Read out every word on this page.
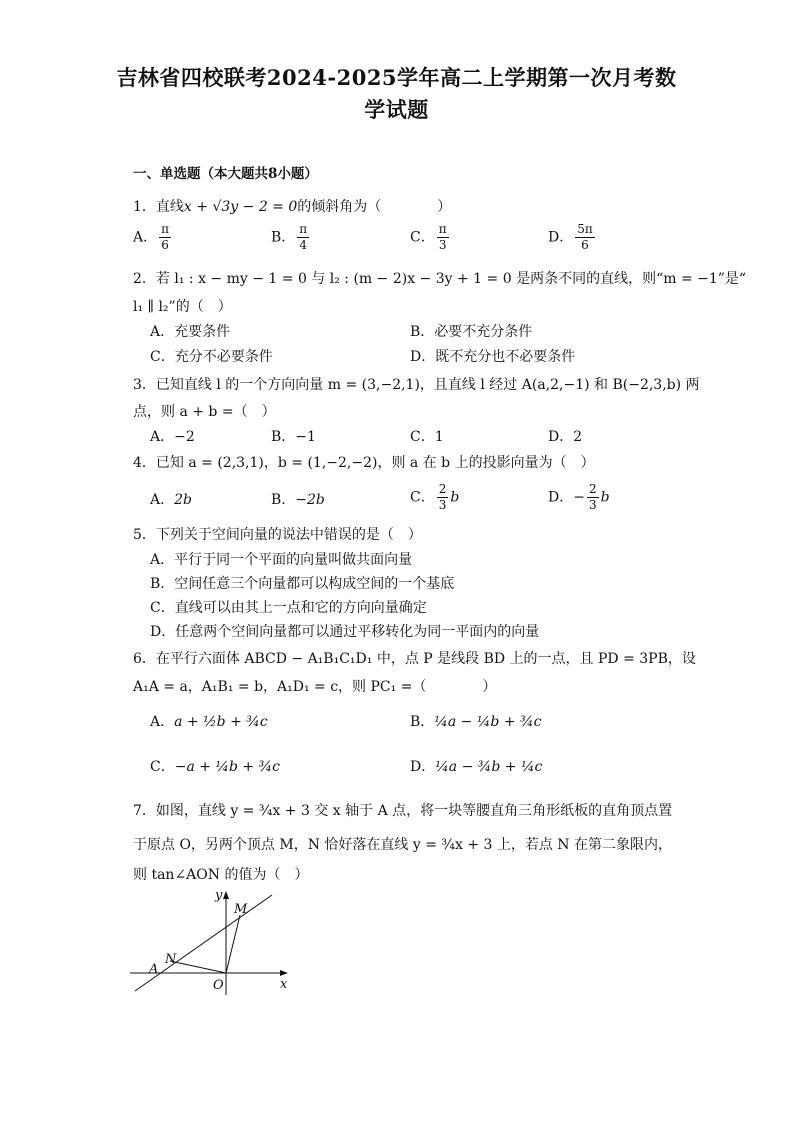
吉林省四校联考2024-2025学年高二上学期第一次月考数
学试题
一、单选题（本大题共8小题）
1．直线x + √3y − 2 = 0的倾斜角为（　　　　）
A． $\frac{\pi}{6}$	B． $\frac{\pi}{4}$	C． $\frac{\pi}{3}$	D． $\frac{5\pi}{6}$
2．若 l₁ : x − my − 1 = 0 与 l₂ : (m − 2)x − 3y + 1 = 0 是两条不同的直线，则“m = −1”是“
l₁ ∥ l₂”的（　）
A．充要条件	B．必要不充分条件
C．充分不必要条件	D．既不充分也不必要条件
3．已知直线 l 的一个方向向量 m = (3,−2,1)，且直线 l 经过 A(a,2,−1) 和 B(−2,3,b) 两
点，则 a + b =（　）
A．−2	B．−1	C．1	D．2
4．已知 a = (2,3,1)，b = (1,−2,−2)，则 a 在 b 上的投影向量为（　）
A．2b	B．−2b	C． $\frac{2}{3}$ b	D．− $\frac{2}{3}$ b
5．下列关于空间向量的说法中错误的是（　）
A．平行于同一个平面的向量叫做共面向量
B．空间任意三个向量都可以构成空间的一个基底
C．直线可以由其上一点和它的方向向量确定
D．任意两个空间向量都可以通过平移转化为同一平面内的向量
6．在平行六面体 ABCD − A₁B₁C₁D₁ 中，点 P 是线段 BD 上的一点，且 PD = 3PB，设
A₁A = a，A₁B₁ = b，A₁D₁ = c，则 PC₁ =（　　　　）
A．a + ½b + ¾c	B．¼a − ¼b + ¾c
C．−a + ¼b + ¾c	D．¼a − ¾b + ¼c
7．如图，直线 y = ¾x + 3 交 x 轴于 A 点，将一块等腰直角三角形纸板的直角顶点置
于原点 O，另两个顶点 M，N 恰好落在直线 y = ¾x + 3 上，若点 N 在第二象限内，
则 tan∠AON 的值为（　）
y
x
M
N
A
O
